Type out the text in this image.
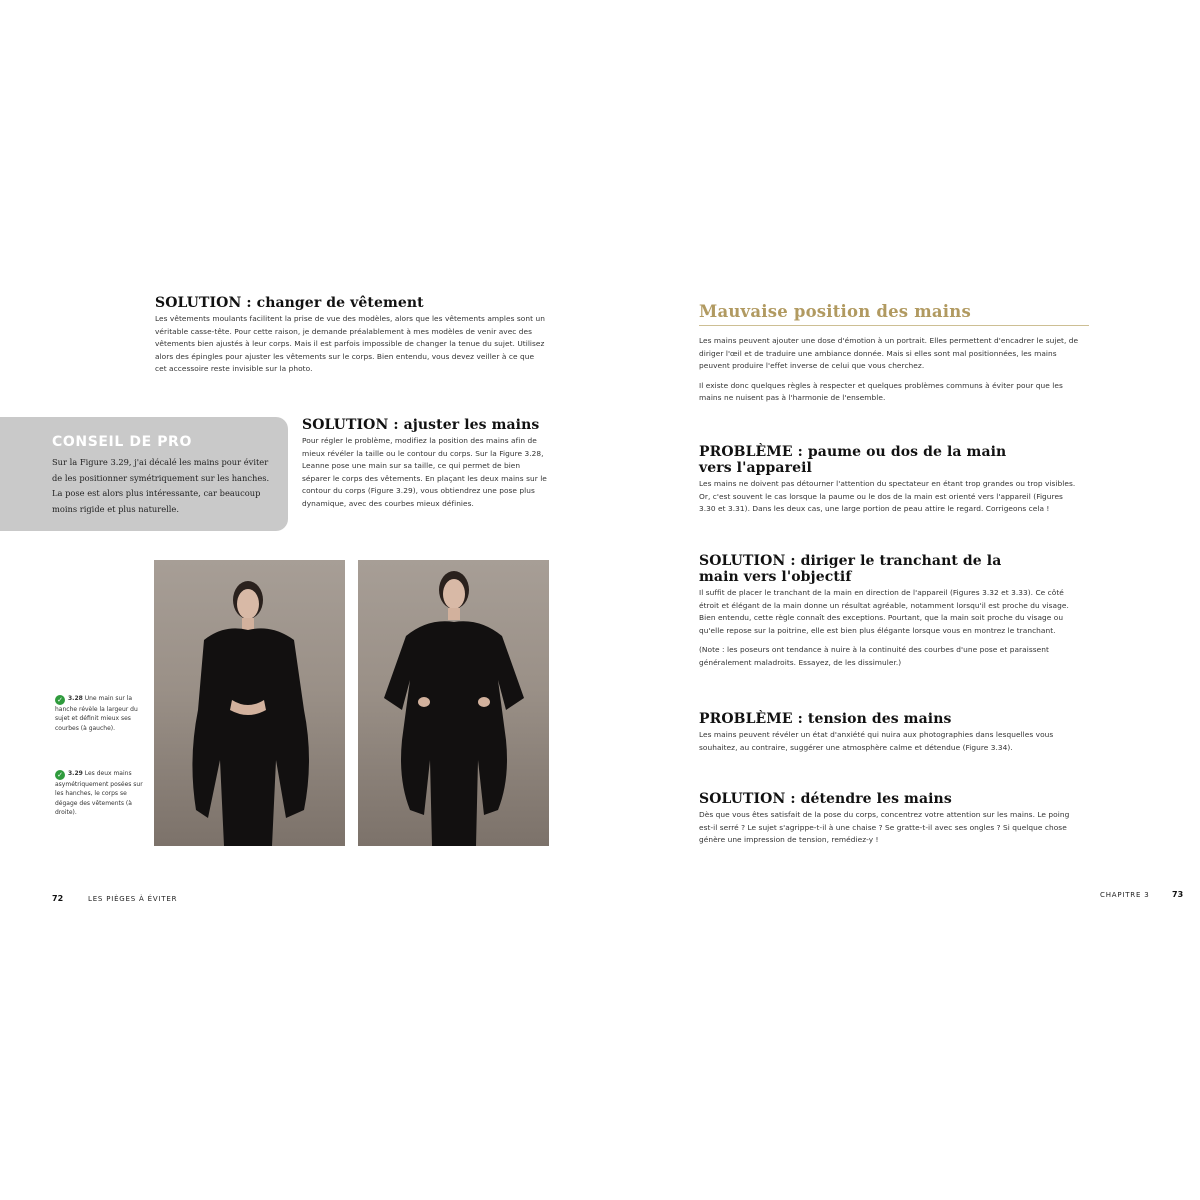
SOLUTION : changer de vêtement
Les vêtements moulants facilitent la prise de vue des modèles, alors que les vêtements amples sont un véritable casse-tête. Pour cette raison, je demande préalablement à mes modèles de venir avec des vêtements bien ajustés à leur corps. Mais il est parfois impossible de changer la tenue du sujet. Utilisez alors des épingles pour ajuster les vêtements sur le corps. Bien entendu, vous devez veiller à ce que cet accessoire reste invisible sur la photo.
CONSEIL DE PRO
Sur la Figure 3.29, j'ai décalé les mains pour éviter de les positionner symétriquement sur les hanches. La pose est alors plus intéressante, car beaucoup moins rigide et plus naturelle.
SOLUTION : ajuster les mains
Pour régler le problème, modifiez la position des mains afin de mieux révéler la taille ou le contour du corps. Sur la Figure 3.28, Leanne pose une main sur sa taille, ce qui permet de bien séparer le corps des vêtements. En plaçant les deux mains sur le contour du corps (Figure 3.29), vous obtiendrez une pose plus dynamique, avec des courbes mieux définies.
✓ 3.28 Une main sur la hanche révèle la largeur du sujet et définit mieux ses courbes (à gauche).
✓ 3.29 Les deux mains asymétriquement posées sur les hanches, le corps se dégage des vêtements (à droite).
72	LES PIÈGES À ÉVITER
Mauvaise position des mains

Les mains peuvent ajouter une dose d'émotion à un portrait. Elles permettent d'encadrer le sujet, de diriger l'œil et de traduire une ambiance donnée. Mais si elles sont mal positionnées, les mains peuvent produire l'effet inverse de celui que vous cherchez.

Il existe donc quelques règles à respecter et quelques problèmes communs à éviter pour que les mains ne nuisent pas à l'harmonie de l'ensemble.

PROBLÈME : paume ou dos de la main vers l'appareil
Les mains ne doivent pas détourner l'attention du spectateur en étant trop grandes ou trop visibles. Or, c'est souvent le cas lorsque la paume ou le dos de la main est orienté vers l'appareil (Figures 3.30 et 3.31). Dans les deux cas, une large portion de peau attire le regard. Corrigeons cela !
SOLUTION : diriger le tranchant de la main vers l'objectif

Il suffit de placer le tranchant de la main en direction de l'appareil (Figures 3.32 et 3.33). Ce côté étroit et élégant de la main donne un résultat agréable, notamment lorsqu'il est proche du visage. Bien entendu, cette règle connaît des exceptions. Pourtant, que la main soit proche du visage ou qu'elle repose sur la poitrine, elle est bien plus élégante lorsque vous en montrez le tranchant.

(Note : les poseurs ont tendance à nuire à la continuité des courbes d'une pose et paraissent généralement maladroits. Essayez, de les dissimuler.)

PROBLÈME : tension des mains
Les mains peuvent révéler un état d'anxiété qui nuira aux photographies dans lesquelles vous souhaitez, au contraire, suggérer une atmosphère calme et détendue (Figure 3.34).
SOLUTION : détendre les mains
Dès que vous êtes satisfait de la pose du corps, concentrez votre attention sur les mains. Le poing est-il serré ? Le sujet s'agrippe-t-il à une chaise ? Se gratte-t-il avec ses ongles ? Si quelque chose génère une impression de tension, remédiez-y !
CHAPITRE 3	73
